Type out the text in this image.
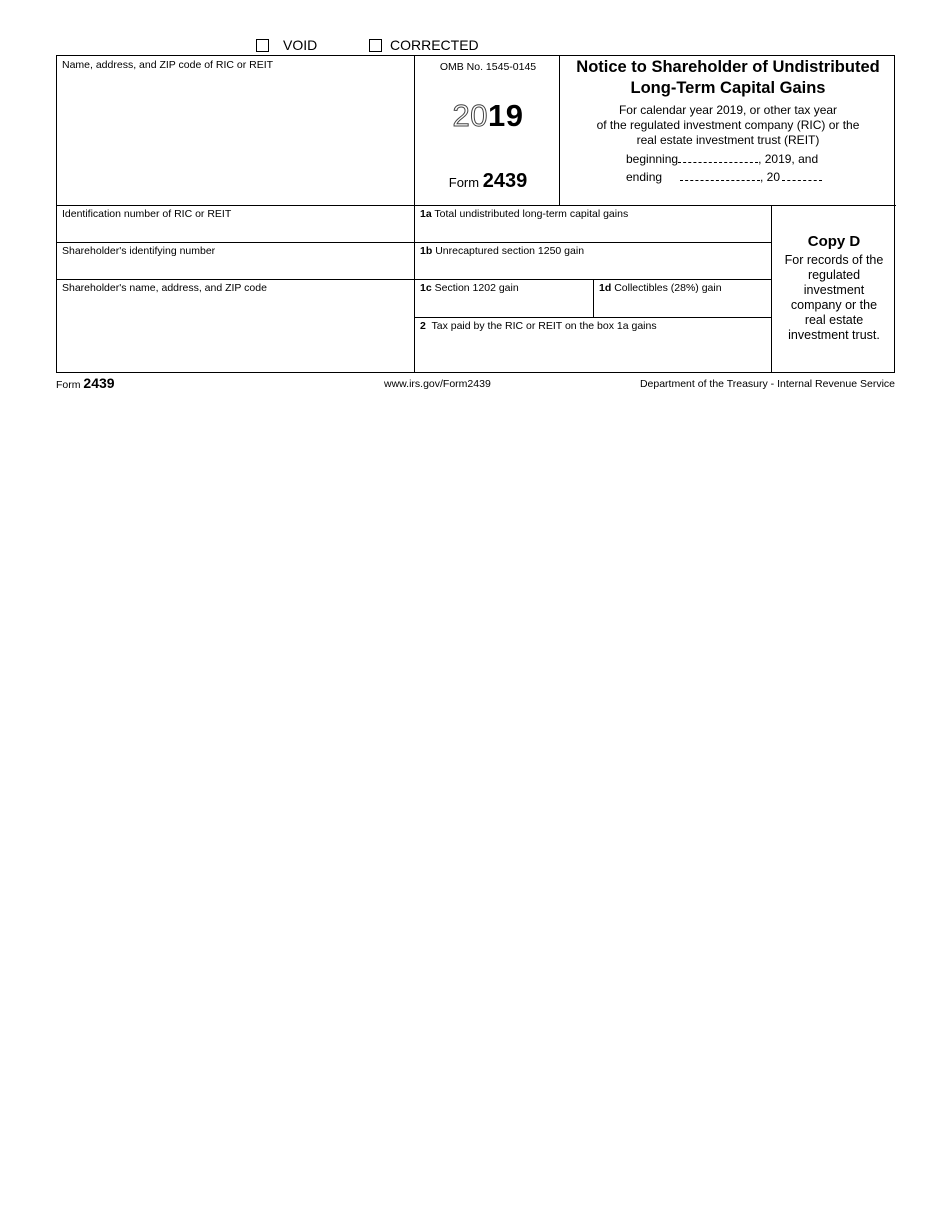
VOID	CORRECTED
Name, address, and ZIP code of RIC or REIT	OMB No. 1545-0145
2019
Form 2439
Notice to Shareholder of Undistributed
Long-Term Capital Gains
For calendar year 2019, or other tax year
of the regulated investment company (RIC) or the
real estate investment trust (REIT)
beginning	, 2019, and
ending	, 20
Identification number of RIC or REIT
Shareholder's identifying number
Shareholder's name, address, and ZIP code
1a Total undistributed long-term capital gains
1b Unrecaptured section 1250 gain
1c Section 1202 gain	1d Collectibles (28%) gain
2 Tax paid by the RIC or REIT on the box 1a gains
Copy D
For records of the
regulated
investment
company or the
real estate
investment trust.
Form 2439	www.irs.gov/Form2439	Department of the Treasury - Internal Revenue Service
